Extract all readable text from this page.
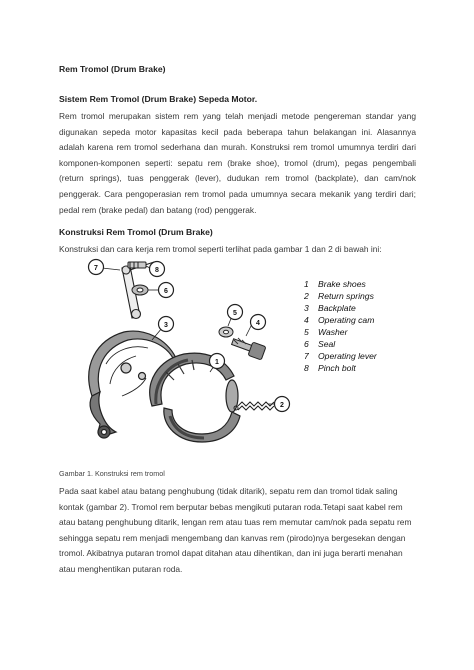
Rem Tromol (Drum Brake)

Sistem Rem Tromol (Drum Brake) Sepeda Motor.

Rem tromol merupakan sistem rem yang telah menjadi metode pengereman standar yang digunakan sepeda motor kapasitas kecil pada beberapa tahun belakangan ini. Alasannya adalah karena rem tromol sederhana dan murah. Konstruksi rem tromol umumnya terdiri dari komponen-komponen seperti: sepatu rem (brake shoe), tromol (drum), pegas pengembali (return springs), tuas penggerak (lever), dudukan rem tromol (backplate), dan cam/nok penggerak. Cara pengoperasian rem tromol pada umumnya secara mekanik yang terdiri dari; pedal rem (brake pedal) dan batang (rod) penggerak.

Konstruksi Rem Tromol (Drum Brake)

Konstruksi dan cara kerja rem tromol seperti terlihat pada gambar 1 dan 2 di bawah ini:

1
2
3	4
5
6
7	8
1 Brake shoes
2 Return springs
3 Backplate
4 Operating cam
5 Washer
6 Seal
7 Operating lever
8 Pinch bolt

Gambar 1. Konstruksi rem tromol

Pada saat kabel atau batang penghubung (tidak ditarik), sepatu rem dan tromol tidak saling kontak (gambar 2). Tromol rem berputar bebas mengikuti putaran roda.Tetapi saat kabel rem atau batang penghubung ditarik, lengan rem atau tuas rem memutar cam/nok pada sepatu rem sehingga sepatu rem menjadi mengembang dan kanvas rem (pirodo)nya bergesekan dengan tromol. Akibatnya putaran tromol dapat ditahan atau dihentikan, dan ini juga berarti menahan atau menghentikan putaran roda.
